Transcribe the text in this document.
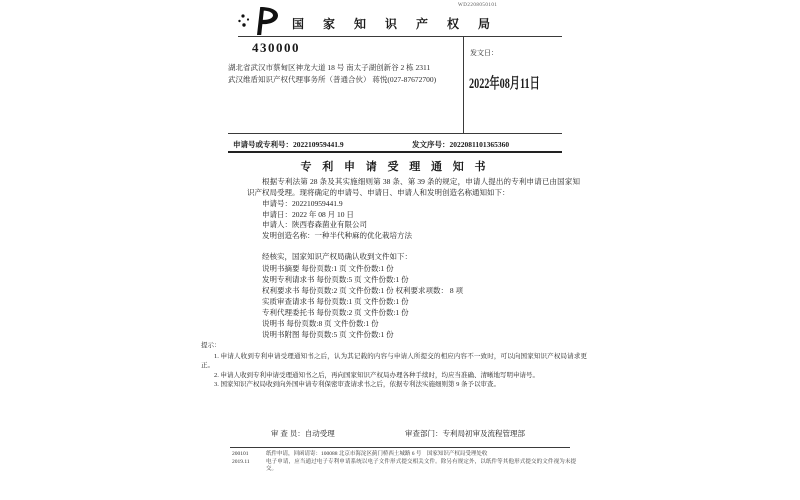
国 家 知 识 产 权 局
WD2208050101
430000
湖北省武汉市蔡甸区神龙大道 18 号 南太子湖创新谷 2 栋 2311
武汉维盾知识产权代理事务所（普通合伙） 蒋悦(027-87672700)
发文日：
2022年08月11日
申请号或专利号：202210959441.9	发文序号：2022081101365360
专 利 申 请 受 理 通 知 书

根据专利法第 28 条及其实施细则第 38 条、第 39 条的规定，申请人提出的专利申请已由国家知识产权局受理。现将确定的申请号、申请日、申请人和发明创造名称通知如下：

申请号：202210959441.9
申请日：2022 年 08 月 10 日
申请人：陕西春森菌业有限公司
发明创造名称：一种半代种麻的优化栽培方法

经核实，国家知识产权局确认收到文件如下：

说明书摘要 每份页数:1 页 文件份数:1 份
发明专利请求书 每份页数:5 页 文件份数:1 份
权利要求书 每份页数:2 页 文件份数:1 份 权利要求项数： 8 项
实质审查请求书 每份页数:1 页 文件份数:1 份
专利代理委托书 每份页数:2 页 文件份数:1 份
说明书 每份页数:8 页 文件份数:1 份
说明书附图 每份页数:5 页 文件份数:1 份

提示：

1. 申请人收到专利申请受理通知书之后，认为其记载的内容与申请人所提交的相应内容不一致时，可以向国家知识产权局请求更正。

2. 申请人收到专利申请受理通知书之后，再向国家知识产权局办理各种手续时，均应当准确、清晰地写明申请号。

3. 国家知识产权局收到向外国申请专利保密审查请求书之后，依据专利法实施细则第 9 条予以审查。

审 查 员：自动受理	审查部门：专利局初审及流程管理部
200101	纸件申请，回函请寄：100088 北京市海淀区蓟门桥西土城路 6 号　国家知识产权局受理处收
2019.11	电子申请，应当通过电子专利申请系统以电子文件形式提交相关文件。除另有规定外，以纸件等其他形式提交的文件视为未提交。
